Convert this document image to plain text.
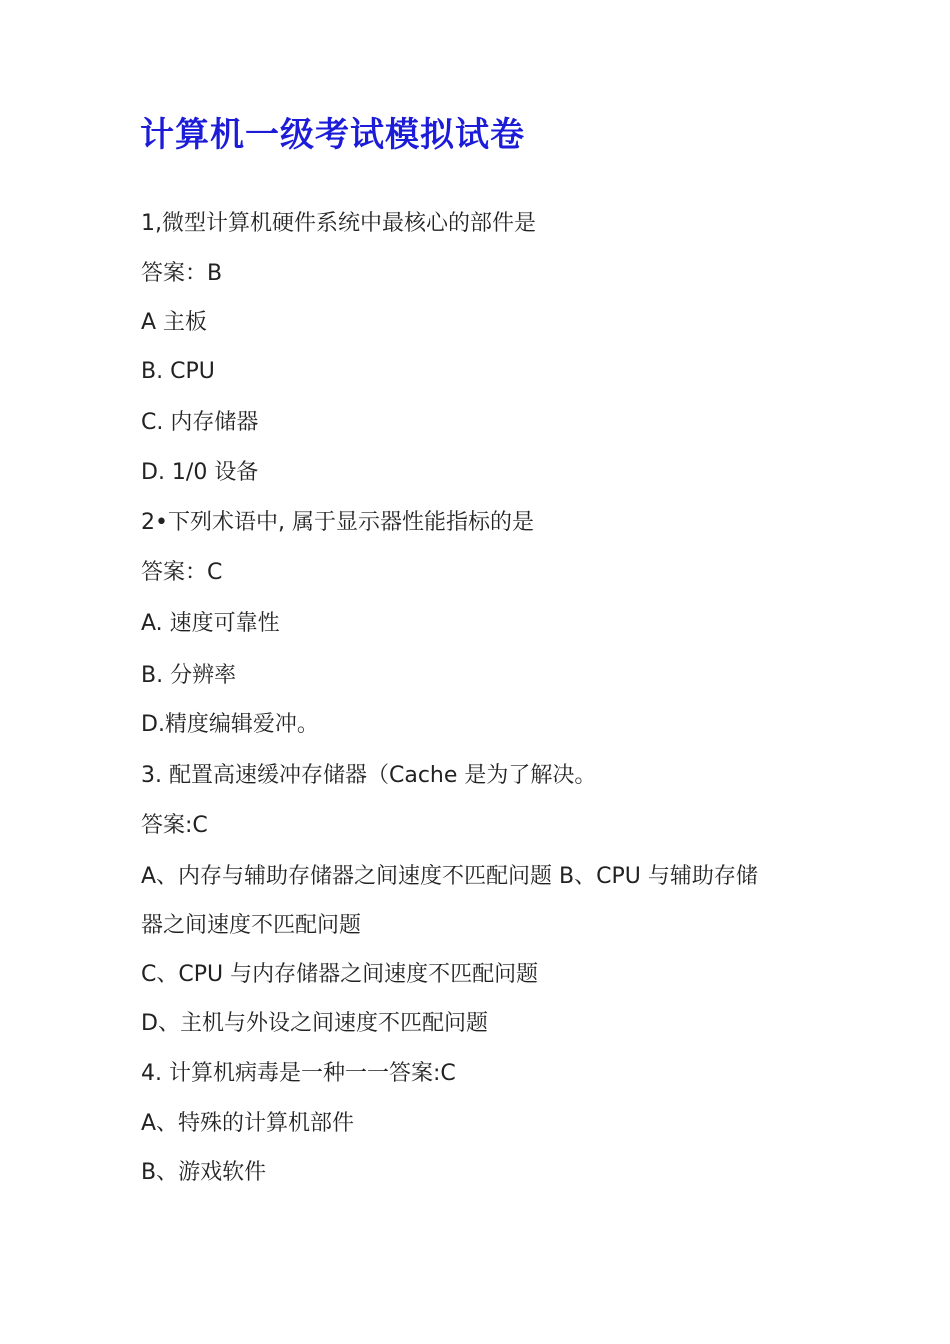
计算机一级考试模拟试卷

1,微型计算机硬件系统中最核心的部件是

答案：B

A 主板

B. CPU

C. 内存储器

D. 1/0 设备

2•下列术语中, 属于显示器性能指标的是

答案：C

A. 速度可靠性

B. 分辨率

D.精度编辑爱冲。

3. 配置高速缓冲存储器（Cache 是为了解决。

答案:C

A、内存与辅助存储器之间速度不匹配问题 B、CPU 与辅助存储

器之间速度不匹配问题

C、CPU 与内存储器之间速度不匹配问题

D、主机与外设之间速度不匹配问题

4. 计算机病毒是一种一一答案:C

A、特殊的计算机部件

B、游戏软件
